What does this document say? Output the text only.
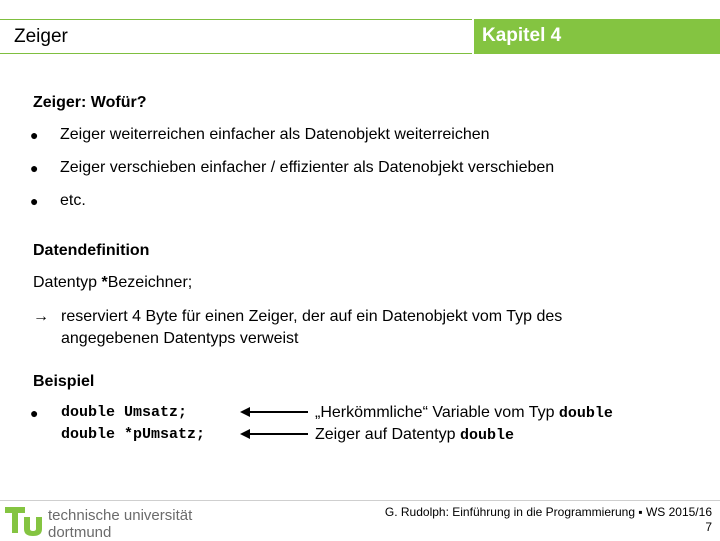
Zeiger	Kapitel 4
Zeiger: Wofür?
● Zeiger weiterreichen einfacher als Datenobjekt weiterreichen
● Zeiger verschieben einfacher / effizienter als Datenobjekt verschieben
● etc.
Datendefinition
Datentyp *Bezeichner;
→ reserviert 4 Byte für einen Zeiger, der auf ein Datenobjekt vom Typ des
angegebenen Datentyps verweist
Beispiel
● double Umsatz;
double *pUmsatz;
„Herkömmliche“ Variable vom Typ double
Zeiger auf Datentyp double
technische universität
dortmund
G. Rudolph: Einführung in die Programmierung ▪ WS 2015/16
7
